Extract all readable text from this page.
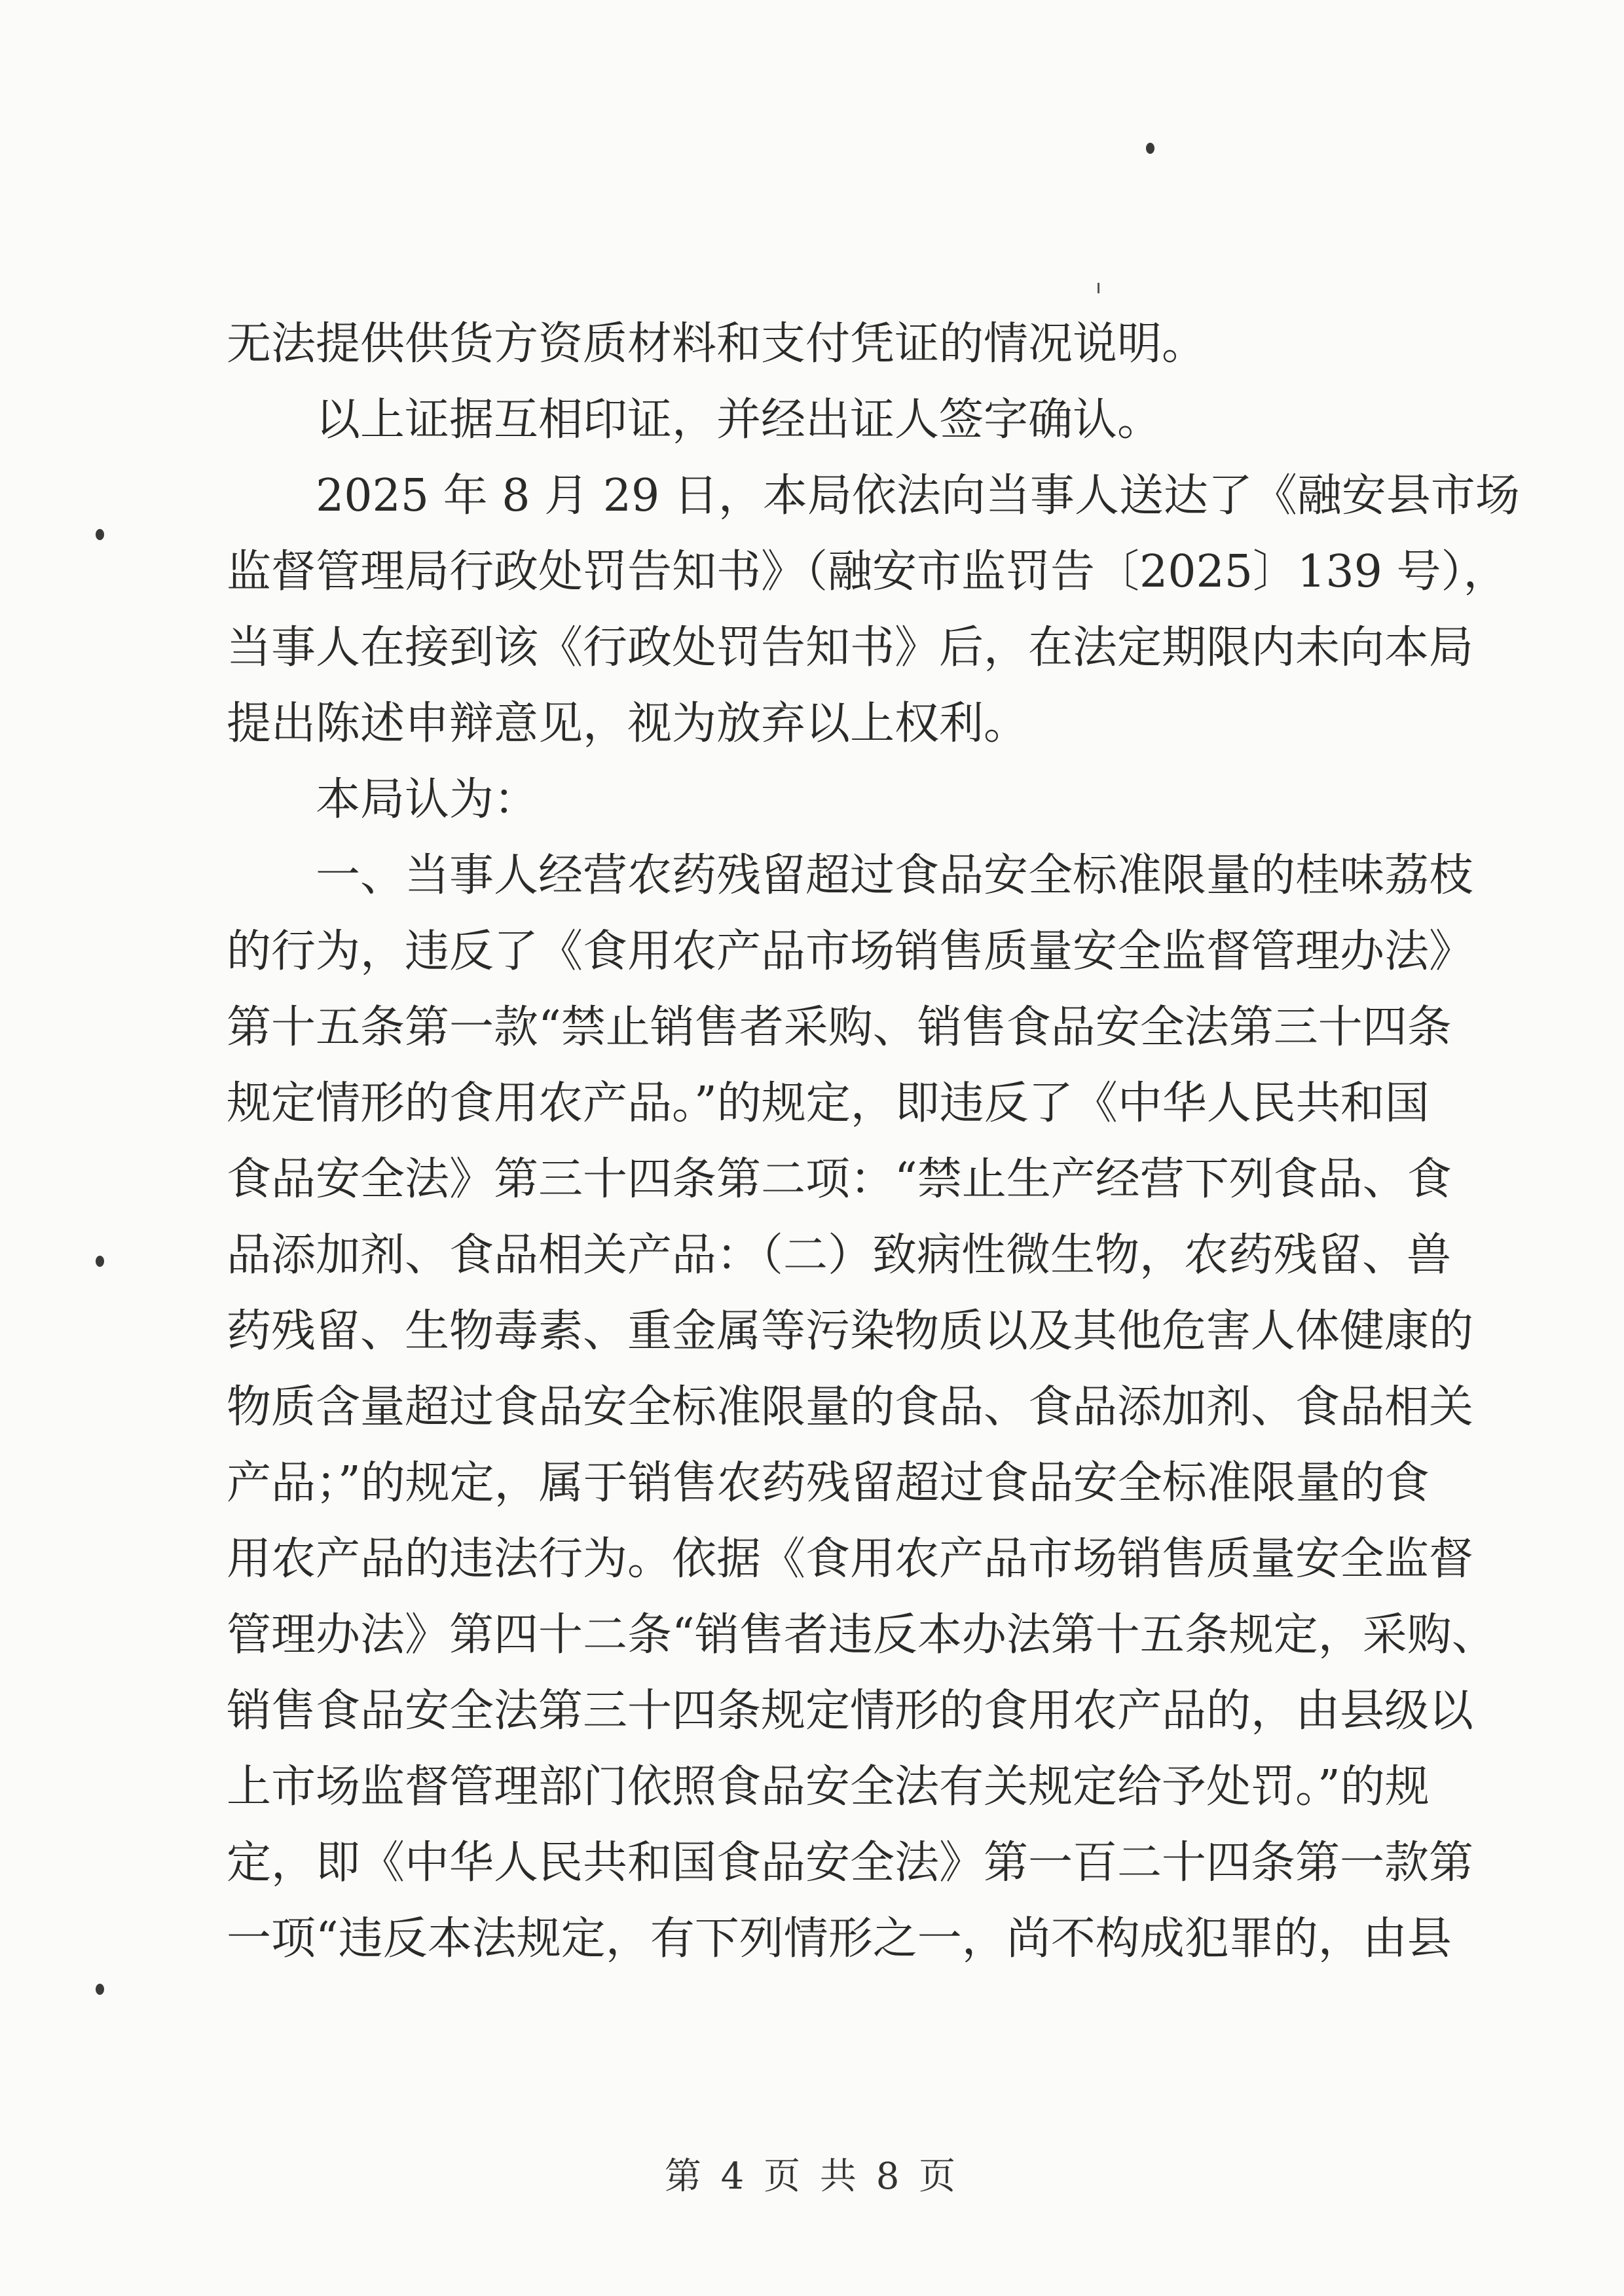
无法提供供货方资质材料和支付凭证的情况说明。
以上证据互相印证，并经出证人签字确认。
2025 年 8 月 29 日，本局依法向当事人送达了《融安县市场
监督管理局行政处罚告知书》（融安市监罚告〔2025〕139 号），
当事人在接到该《行政处罚告知书》后，在法定期限内未向本局
提出陈述申辩意见，视为放弃以上权利。
本局认为：
一、当事人经营农药残留超过食品安全标准限量的桂味荔枝
的行为，违反了《食用农产品市场销售质量安全监督管理办法》
第十五条第一款“禁止销售者采购、销售食品安全法第三十四条
规定情形的食用农产品。”的规定，即违反了《中华人民共和国
食品安全法》第三十四条第二项：“禁止生产经营下列食品、食
品添加剂、食品相关产品：（二）致病性微生物，农药残留、兽
药残留、生物毒素、重金属等污染物质以及其他危害人体健康的
物质含量超过食品安全标准限量的食品、食品添加剂、食品相关
产品；”的规定，属于销售农药残留超过食品安全标准限量的食
用农产品的违法行为。依据《食用农产品市场销售质量安全监督
管理办法》第四十二条“销售者违反本办法第十五条规定，采购、
销售食品安全法第三十四条规定情形的食用农产品的，由县级以
上市场监督管理部门依照食品安全法有关规定给予处罚。”的规
定，即《中华人民共和国食品安全法》第一百二十四条第一款第
一项“违反本法规定，有下列情形之一，尚不构成犯罪的，由县
第 4 页 共 8 页
